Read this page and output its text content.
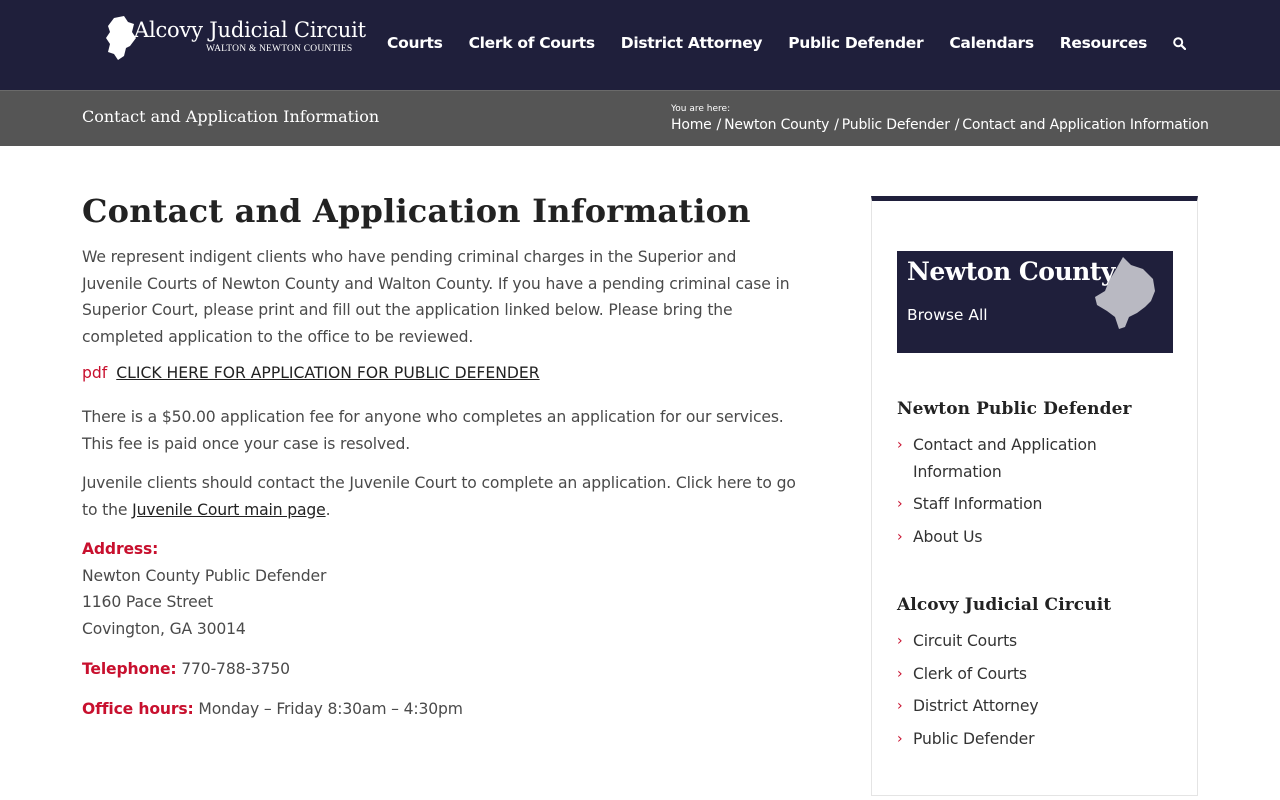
Alcovy Judicial Circuit
WALTON & NEWTON COUNTIES Courts Clerk of Courts District Attorney Public Defender Calendars Resources
Contact and Application Information	You are here:
Home / Newton County / Public Defender / Contact and Application Information
Contact and Application Information

We represent indigent clients who have pending criminal charges in the Superior and Juvenile Courts of Newton County and Walton County. If you have a pending criminal case in Superior Court, please print and fill out the application linked below. Please bring the completed application to the office to be reviewed.

pdf CLICK HERE FOR APPLICATION FOR PUBLIC DEFENDER

There is a $50.00 application fee for anyone who completes an application for our services. This fee is paid once your case is resolved.

Juvenile clients should contact the Juvenile Court to complete an application. Click here to go to the Juvenile Court main page.

Address:
Newton County Public Defender
1160 Pace Street
Covington, GA 30014
Telephone: 770-788-3750
Office hours: Monday – Friday 8:30am – 4:30pm
Newton County
Browse All
Newton Public Defender
› Contact and Application Information
› Staff Information
› About Us
Alcovy Judicial Circuit
› Circuit Courts
› Clerk of Courts
› District Attorney
› Public Defender
